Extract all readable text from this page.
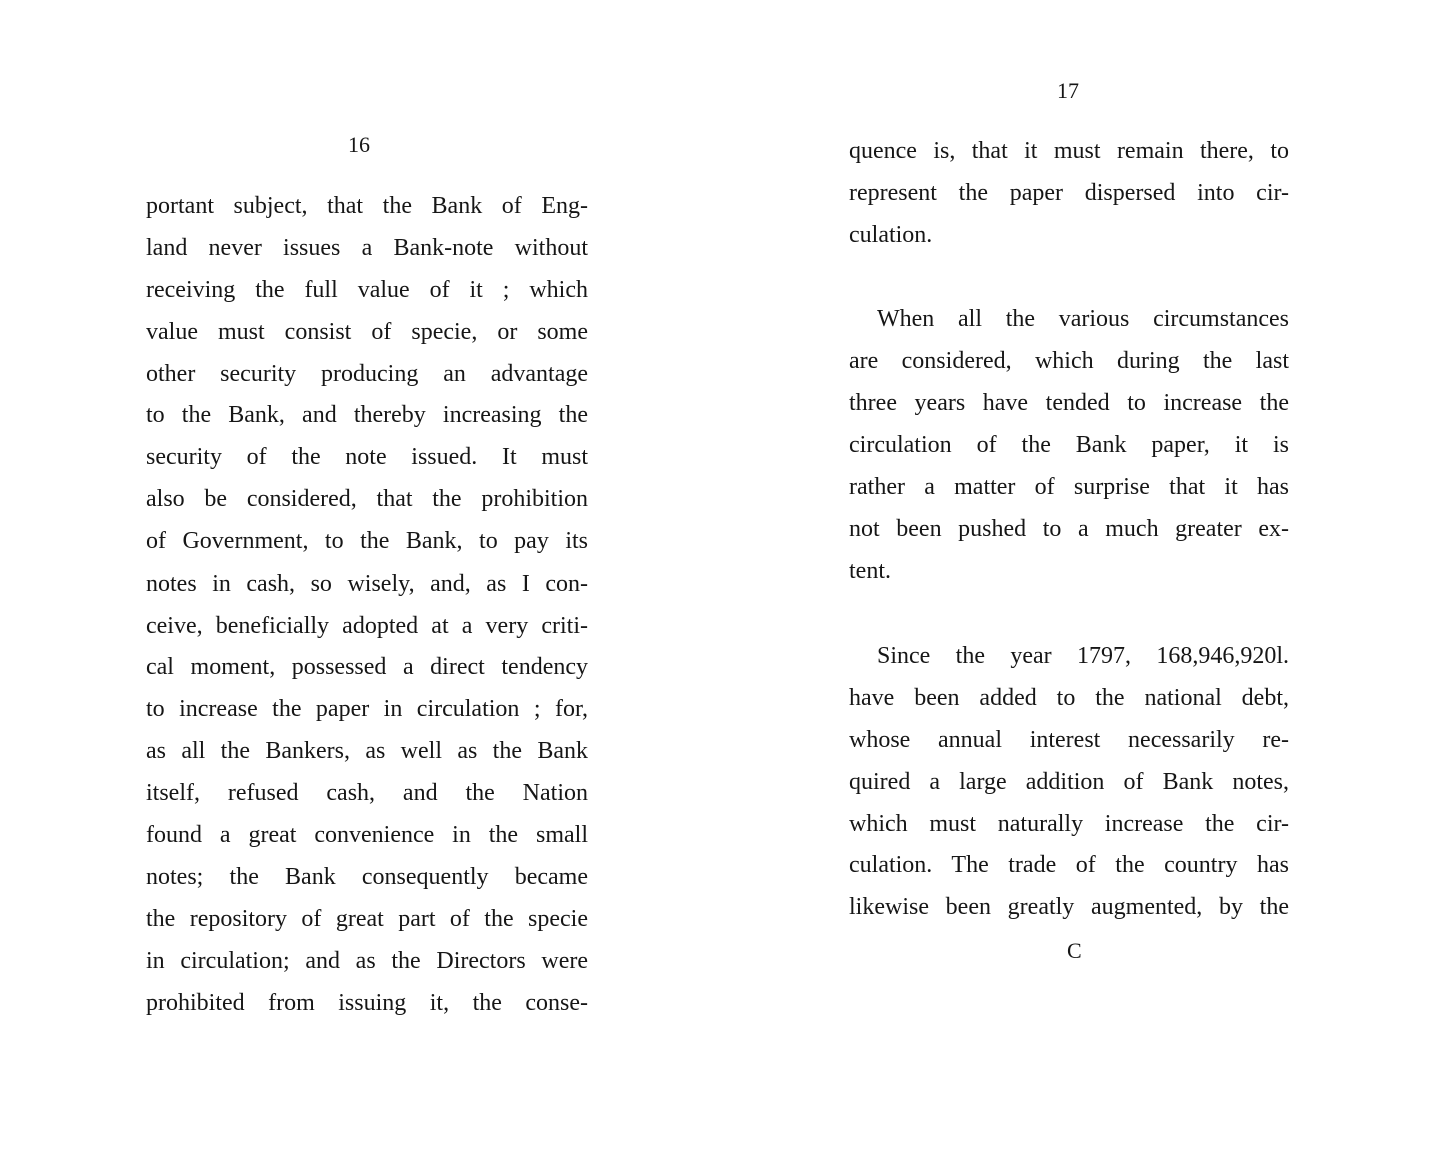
16
portant subject, that the Bank of Eng-
land never issues a Bank-note without
receiving the full value of it ; which
value must consist of specie, or some
other security producing an advantage
to the Bank, and thereby increasing the
security of the note issued. It must
also be considered, that the prohibition
of Government, to the Bank, to pay its
notes in cash, so wisely, and, as I con-
ceive, beneficially adopted at a very criti-
cal moment, possessed a direct tendency
to increase the paper in circulation ; for,
as all the Bankers, as well as the Bank
itself, refused cash, and the Nation
found a great convenience in the small
notes; the Bank consequently became
the repository of great part of the specie
in circulation; and as the Directors were
prohibited from issuing it, the conse-
17
quence is, that it must remain there, to
represent the paper dispersed into cir-
culation.
When all the various circumstances
are considered, which during the last
three years have tended to increase the
circulation of the Bank paper, it is
rather a matter of surprise that it has
not been pushed to a much greater ex-
tent.
Since the year 1797, 168,946,920l.
have been added to the national debt,
whose annual interest necessarily re-
quired a large addition of Bank notes,
which must naturally increase the cir-
culation. The trade of the country has
likewise been greatly augmented, by the
C
